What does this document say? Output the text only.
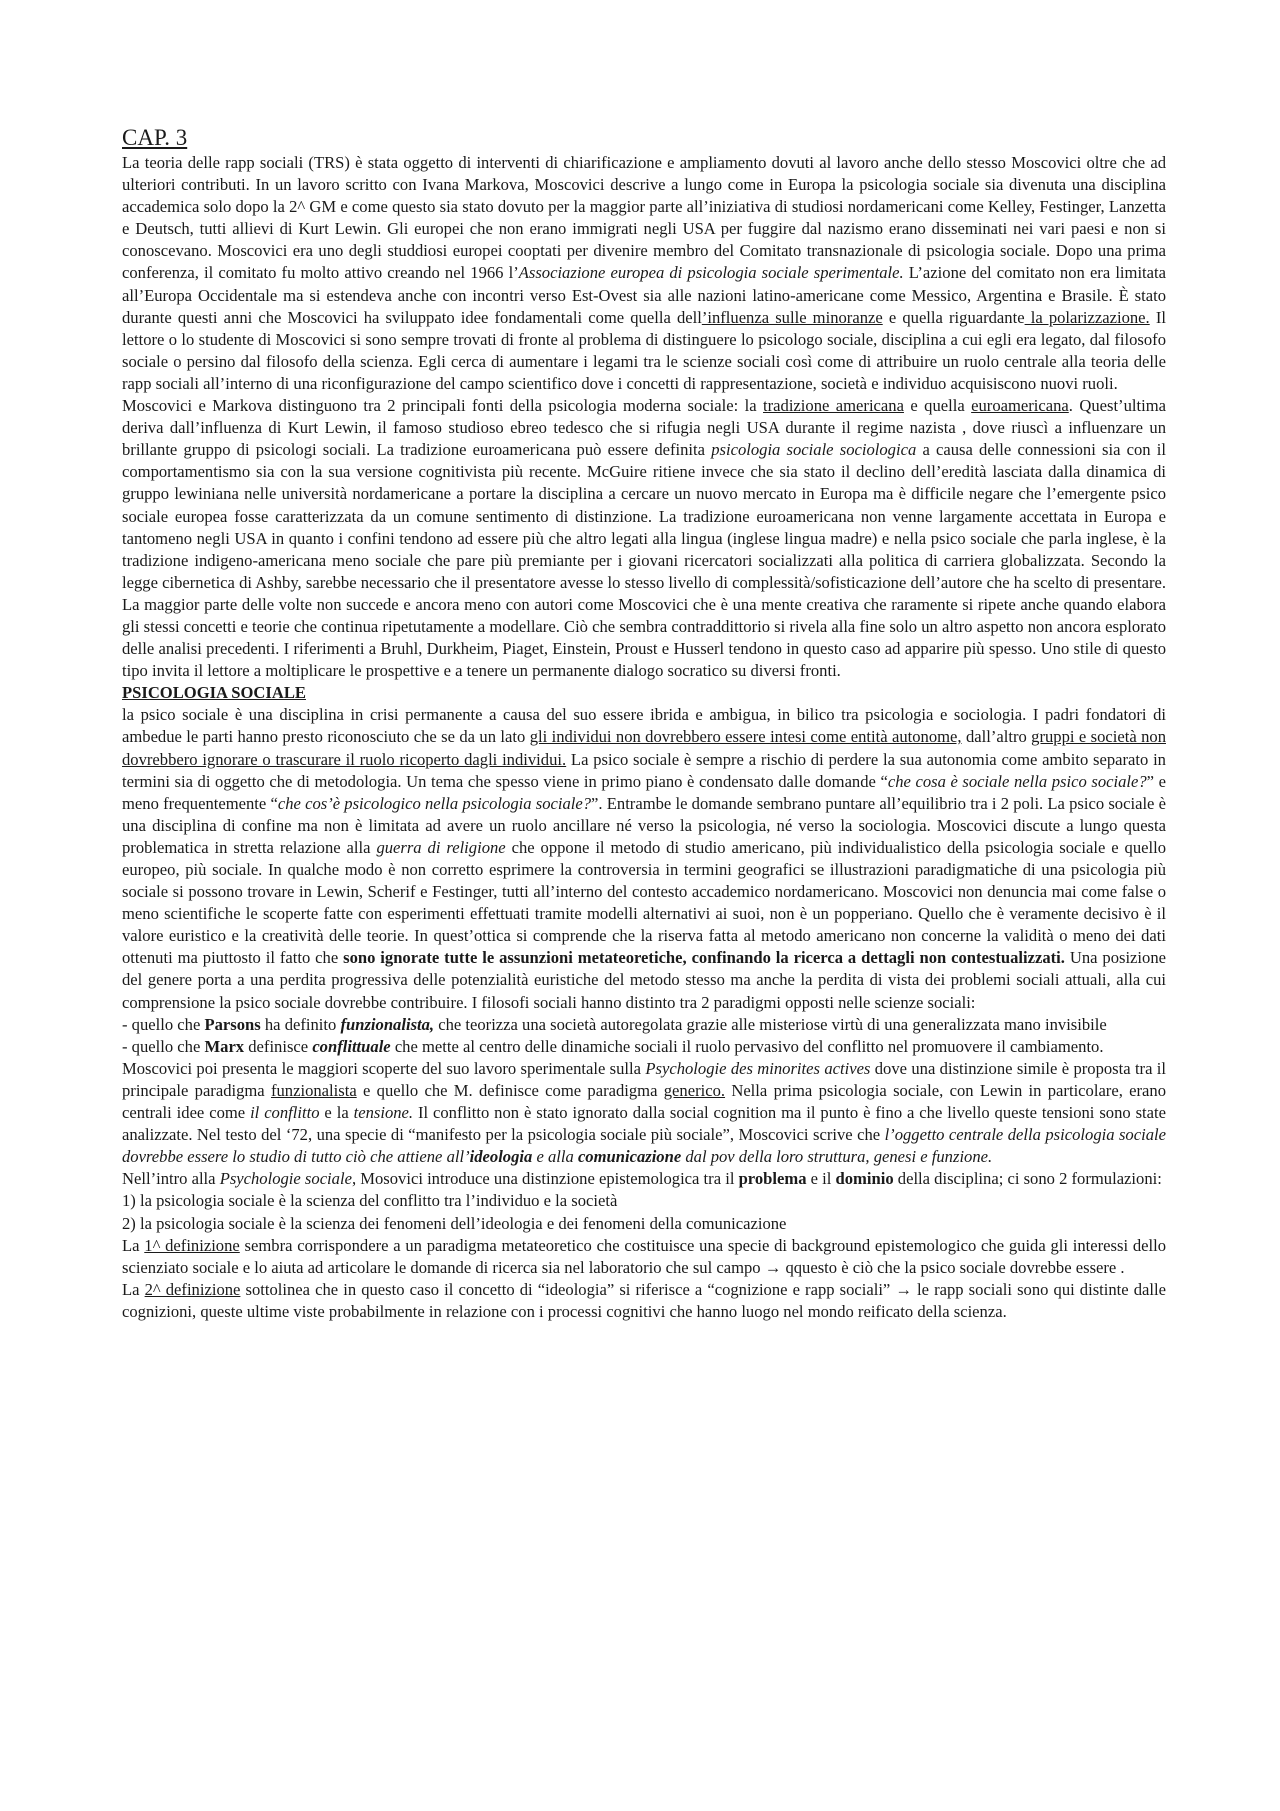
CAP. 3

La teoria delle rapp sociali (TRS) è stata oggetto di interventi di chiarificazione e ampliamento dovuti al lavoro anche dello stesso Moscovici oltre che ad ulteriori contributi. In un lavoro scritto con Ivana Markova, Moscovici descrive a lungo come in Europa la psicologia sociale sia divenuta una disciplina accademica solo dopo la 2^ GM e come questo sia stato dovuto per la maggior parte all’iniziativa di studiosi nordamericani come Kelley, Festinger, Lanzetta e Deutsch, tutti allievi di Kurt Lewin. Gli europei che non erano immigrati negli USA per fuggire dal nazismo erano disseminati nei vari paesi e non si conoscevano. Moscovici era uno degli studdiosi europei cooptati per divenire membro del Comitato transnazionale di psicologia sociale. Dopo una prima conferenza, il comitato fu molto attivo creando nel 1966 l’Associazione europea di psicologia sociale sperimentale. L’azione del comitato non era limitata all’Europa Occidentale ma si estendeva anche con incontri verso Est-Ovest sia alle nazioni latino-americane come Messico, Argentina e Brasile. È stato durante questi anni che Moscovici ha sviluppato idee fondamentali come quella dell’influenza sulle minoranze e quella riguardante la polarizzazione. Il lettore o lo studente di Moscovici si sono sempre trovati di fronte al problema di distinguere lo psicologo sociale, disciplina a cui egli era legato, dal filosofo sociale o persino dal filosofo della scienza. Egli cerca di aumentare i legami tra le scienze sociali così come di attribuire un ruolo centrale alla teoria delle rapp sociali all’interno di una riconfigurazione del campo scientifico dove i concetti di rappresentazione, società e individuo acquisiscono nuovi ruoli.

Moscovici e Markova distinguono tra 2 principali fonti della psicologia moderna sociale: la tradizione americana e quella euroamericana. Quest’ultima deriva dall’influenza di Kurt Lewin, il famoso studioso ebreo tedesco che si rifugia negli USA durante il regime nazista , dove riuscì a influenzare un brillante gruppo di psicologi sociali. La tradizione euroamericana può essere definita psicologia sociale sociologica a causa delle connessioni sia con il comportamentismo sia con la sua versione cognitivista più recente. McGuire ritiene invece che sia stato il declino dell’eredità lasciata dalla dinamica di gruppo lewiniana nelle università nordamericane a portare la disciplina a cercare un nuovo mercato in Europa ma è difficile negare che l’emergente psico sociale europea fosse caratterizzata da un comune sentimento di distinzione. La tradizione euroamericana non venne largamente accettata in Europa e tantomeno negli USA in quanto i confini tendono ad essere più che altro legati alla lingua (inglese lingua madre) e nella psico sociale che parla inglese, è la tradizione indigeno-americana meno sociale che pare più premiante per i giovani ricercatori socializzati alla politica di carriera globalizzata. Secondo la legge cibernetica di Ashby, sarebbe necessario che il presentatore avesse lo stesso livello di complessità/sofisticazione dell’autore che ha scelto di presentare. La maggior parte delle volte non succede e ancora meno con autori come Moscovici che è una mente creativa che raramente si ripete anche quando elabora gli stessi concetti e teorie che continua ripetutamente a modellare. Ciò che sembra contraddittorio si rivela alla fine solo un altro aspetto non ancora esplorato delle analisi precedenti. I riferimenti a Bruhl, Durkheim, Piaget, Einstein, Proust e Husserl tendono in questo caso ad apparire più spesso. Uno stile di questo tipo invita il lettore a moltiplicare le prospettive e a tenere un permanente dialogo socratico su diversi fronti.

PSICOLOGIA SOCIALE

la psico sociale è una disciplina in crisi permanente a causa del suo essere ibrida e ambigua, in bilico tra psicologia e sociologia. I padri fondatori di ambedue le parti hanno presto riconosciuto che se da un lato gli individui non dovrebbero essere intesi come entità autonome, dall’altro gruppi e società non dovrebbero ignorare o trascurare il ruolo ricoperto dagli individui. La psico sociale è sempre a rischio di perdere la sua autonomia come ambito separato in termini sia di oggetto che di metodologia. Un tema che spesso viene in primo piano è condensato dalle domande “che cosa è sociale nella psico sociale?” e meno frequentemente “che cos’è psicologico nella psicologia sociale?”. Entrambe le domande sembrano puntare all’equilibrio tra i 2 poli. La psico sociale è una disciplina di confine ma non è limitata ad avere un ruolo ancillare né verso la psicologia, né verso la sociologia. Moscovici discute a lungo questa problematica in stretta relazione alla guerra di religione che oppone il metodo di studio americano, più individualistico della psicologia sociale e quello europeo, più sociale. In qualche modo è non corretto esprimere la controversia in termini geografici se illustrazioni paradigmatiche di una psicologia più sociale si possono trovare in Lewin, Scherif e Festinger, tutti all’interno del contesto accademico nordamericano. Moscovici non denuncia mai come false o meno scientifiche le scoperte fatte con esperimenti effettuati tramite modelli alternativi ai suoi, non è un popperiano. Quello che è veramente decisivo è il valore euristico e la creatività delle teorie. In quest’ottica si comprende che la riserva fatta al metodo americano non concerne la validità o meno dei dati ottenuti ma piuttosto il fatto che sono ignorate tutte le assunzioni metateoretiche, confinando la ricerca a dettagli non contestualizzati. Una posizione del genere porta a una perdita progressiva delle potenzialità euristiche del metodo stesso ma anche la perdita di vista dei problemi sociali attuali, alla cui comprensione la psico sociale dovrebbe contribuire. I filosofi sociali hanno distinto tra 2 paradigmi opposti nelle scienze sociali:

- quello che Parsons ha definito funzionalista, che teorizza una società autoregolata grazie alle misteriose virtù di una generalizzata mano invisibile

- quello che Marx definisce conflittuale che mette al centro delle dinamiche sociali il ruolo pervasivo del conflitto nel promuovere il cambiamento.

Moscovici poi presenta le maggiori scoperte del suo lavoro sperimentale sulla Psychologie des minorites actives dove una distinzione simile è proposta tra il principale paradigma funzionalista e quello che M. definisce come paradigma generico. Nella prima psicologia sociale, con Lewin in particolare, erano centrali idee come il conflitto e la tensione. Il conflitto non è stato ignorato dalla social cognition ma il punto è fino a che livello queste tensioni sono state analizzate. Nel testo del ‘72, una specie di “manifesto per la psicologia sociale più sociale”, Moscovici scrive che l’oggetto centrale della psicologia sociale dovrebbe essere lo studio di tutto ciò che attiene all’ideologia e alla comunicazione dal pov della loro struttura, genesi e funzione.

Nell’intro alla Psychologie sociale, Mosovici introduce una distinzione epistemologica tra il problema e il dominio della disciplina; ci sono 2 formulazioni:

1) la psicologia sociale è la scienza del conflitto tra l’individuo e la società

2) la psicologia sociale è la scienza dei fenomeni dell’ideologia e dei fenomeni della comunicazione

La 1^ definizione sembra corrispondere a un paradigma metateoretico che costituisce una specie di background epistemologico che guida gli interessi dello scienziato sociale e lo aiuta ad articolare le domande di ricerca sia nel laboratorio che sul campo → qquesto è ciò che la psico sociale dovrebbe essere .

La 2^ definizione sottolinea che in questo caso il concetto di “ideologia” si riferisce a “cognizione e rapp sociali” → le rapp sociali sono qui distinte dalle cognizioni, queste ultime viste probabilmente in relazione con i processi cognitivi che hanno luogo nel mondo reificato della scienza.
